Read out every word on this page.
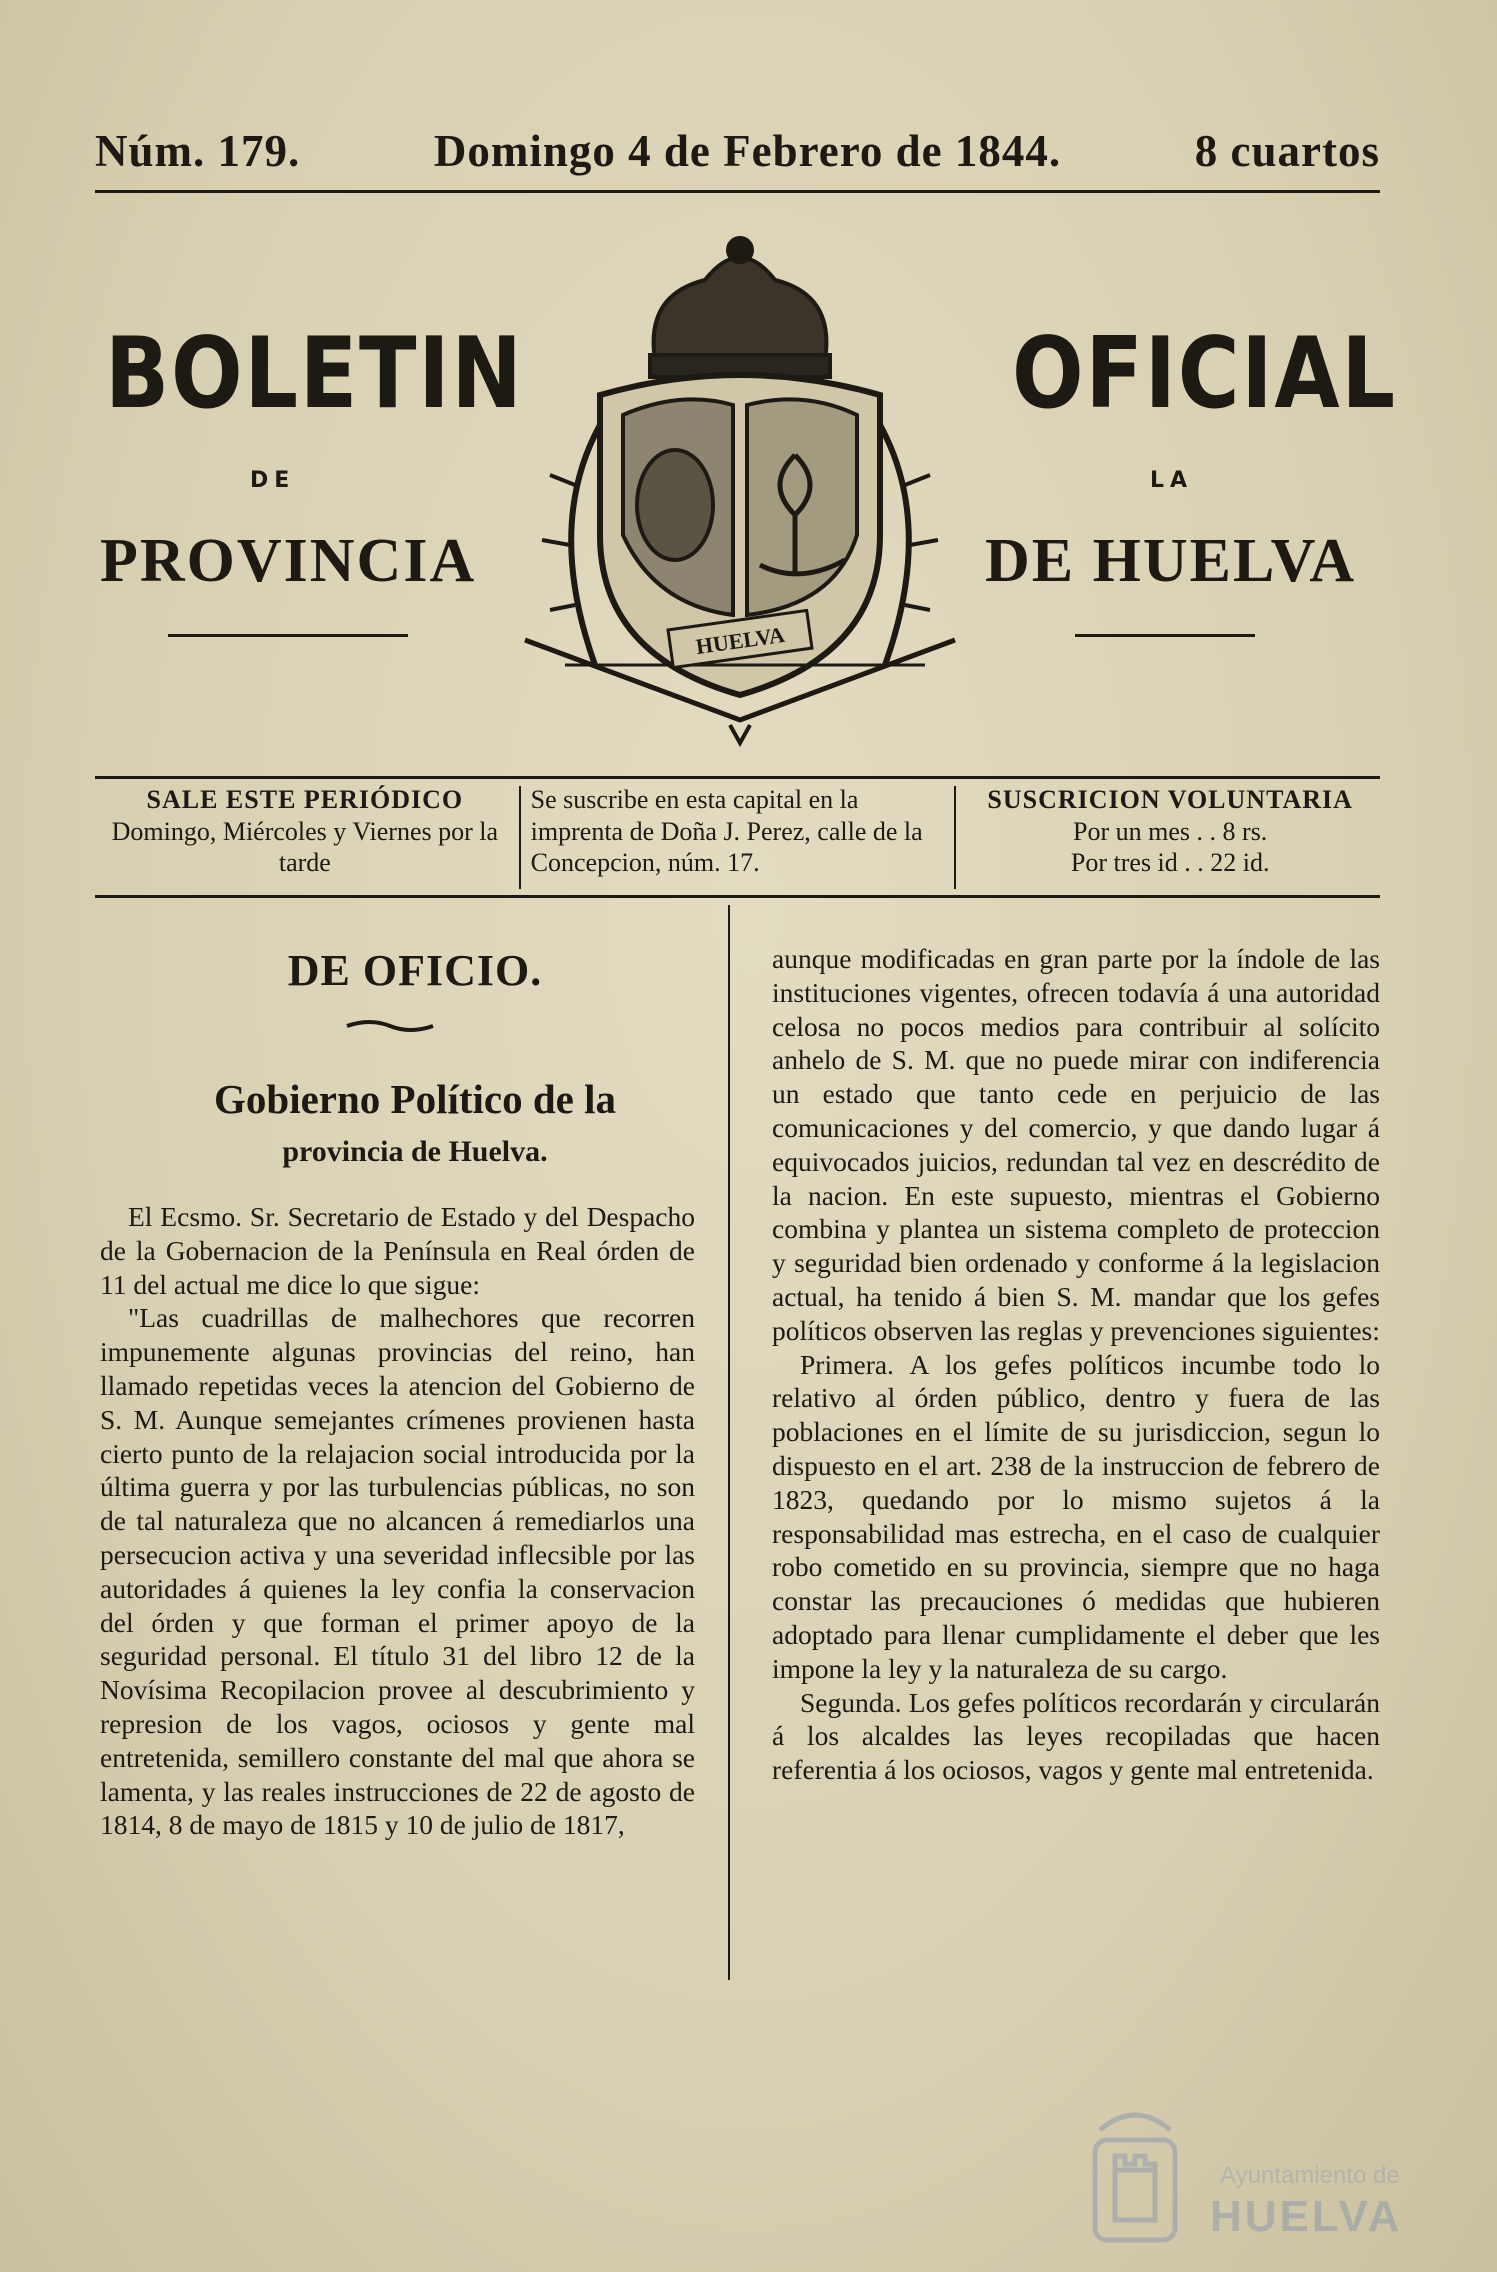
Núm. 179.	Domingo 4 de Febrero de 1844.	8 cuartos
BOLETIN	OFICIAL
DE	LA
PROVINCIA	DE HUELVA
HUELVA
SALE ESTE PERIÓDICO
Domingo, Miércoles y Viernes por la tarde
Se suscribe en esta capital en la imprenta de Doña J. Perez, calle de la Concepcion, núm. 17.
SUSCRICION VOLUNTARIA
Por un mes . . 8 rs.
Por tres id . . 22 id.
DE OFICIO.
Gobierno Político de la
provincia de Huelva.

El Ecsmo. Sr. Secretario de Estado y del Despacho de la Gobernacion de la Península en Real órden de 11 del actual me dice lo que sigue:

"Las cuadrillas de malhechores que recorren impunemente algunas provincias del reino, han llamado repetidas veces la atencion del Gobierno de S. M. Aunque semejantes crímenes provienen hasta cierto punto de la relajacion social introducida por la última guerra y por las turbulencias públicas, no son de tal naturaleza que no alcancen á remediarlos una persecucion activa y una severidad inflecsible por las autoridades á quienes la ley confia la conservacion del órden y que forman el primer apoyo de la seguridad personal. El título 31 del libro 12 de la Novísima Recopilacion provee al descubrimiento y represion de los vagos, ociosos y gente mal entretenida, semillero constante del mal que ahora se lamenta, y las reales instrucciones de 22 de agosto de 1814, 8 de mayo de 1815 y 10 de julio de 1817,

aunque modificadas en gran parte por la índole de las instituciones vigentes, ofrecen todavía á una autoridad celosa no pocos medios para contribuir al solícito anhelo de S. M. que no puede mirar con indiferencia un estado que tanto cede en perjuicio de las comunicaciones y del comercio, y que dando lugar á equivocados juicios, redundan tal vez en descrédito de la nacion. En este supuesto, mientras el Gobierno combina y plantea un sistema completo de proteccion y seguridad bien ordenado y conforme á la legislacion actual, ha tenido á bien S. M. mandar que los gefes políticos observen las reglas y prevenciones siguientes:

Primera. A los gefes políticos incumbe todo lo relativo al órden público, dentro y fuera de las poblaciones en el límite de su jurisdiccion, segun lo dispuesto en el art. 238 de la instruccion de febrero de 1823, quedando por lo mismo sujetos á la responsabilidad mas estrecha, en el caso de cualquier robo cometido en su provincia, siempre que no haga constar las precauciones ó medidas que hubieren adoptado para llenar cumplidamente el deber que les impone la ley y la naturaleza de su cargo.

Segunda. Los gefes políticos recordarán y circularán á los alcaldes las leyes recopiladas que hacen referentia á los ociosos, vagos y gente mal entretenida.

Ayuntamiento de
HUELVA
